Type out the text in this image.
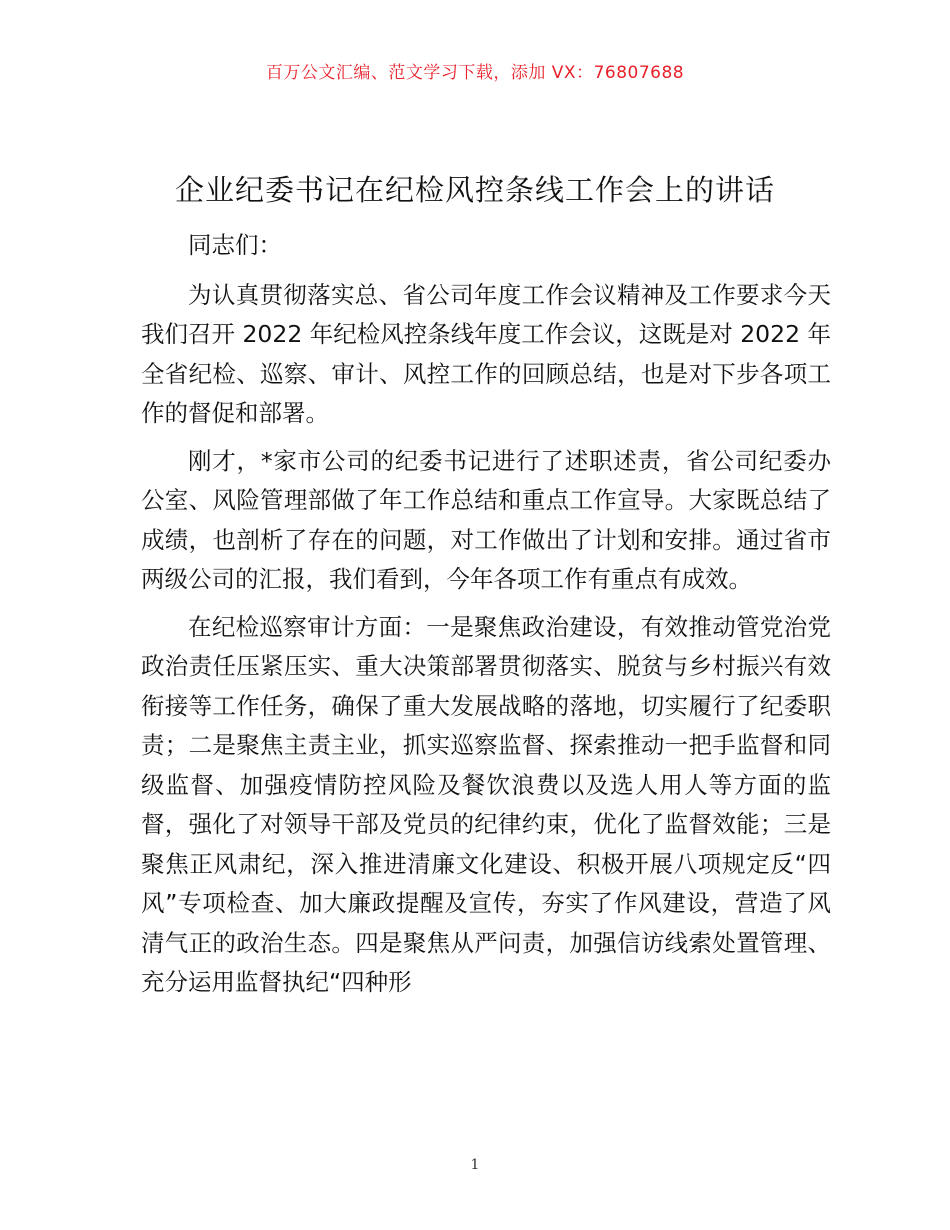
百万公文汇编、范文学习下载，添加 VX：76807688
企业纪委书记在纪检风控条线工作会上的讲话

同志们：

为认真贯彻落实总、省公司年度工作会议精神及工作要求今天我们召开 2022 年纪检风控条线年度工作会议，这既是对 2022 年全省纪检、巡察、审计、风控工作的回顾总结，也是对下步各项工作的督促和部署。

刚才，*家市公司的纪委书记进行了述职述责，省公司纪委办公室、风险管理部做了年工作总结和重点工作宣导。大家既总结了成绩，也剖析了存在的问题，对工作做出了计划和安排。通过省市两级公司的汇报，我们看到，今年各项工作有重点有成效。

在纪检巡察审计方面：一是聚焦政治建设，有效推动管党治党政治责任压紧压实、重大决策部署贯彻落实、脱贫与乡村振兴有效衔接等工作任务，确保了重大发展战略的落地，切实履行了纪委职责；二是聚焦主责主业，抓实巡察监督、探索推动一把手监督和同级监督、加强疫情防控风险及餐饮浪费以及选人用人等方面的监督，强化了对领导干部及党员的纪律约束，优化了监督效能；三是聚焦正风肃纪，深入推进清廉文化建设、积极开展八项规定反“四风”专项检查、加大廉政提醒及宣传，夯实了作风建设，营造了风清气正的政治生态。四是聚焦从严问责，加强信访线索处置管理、充分运用监督执纪“四种形

1
